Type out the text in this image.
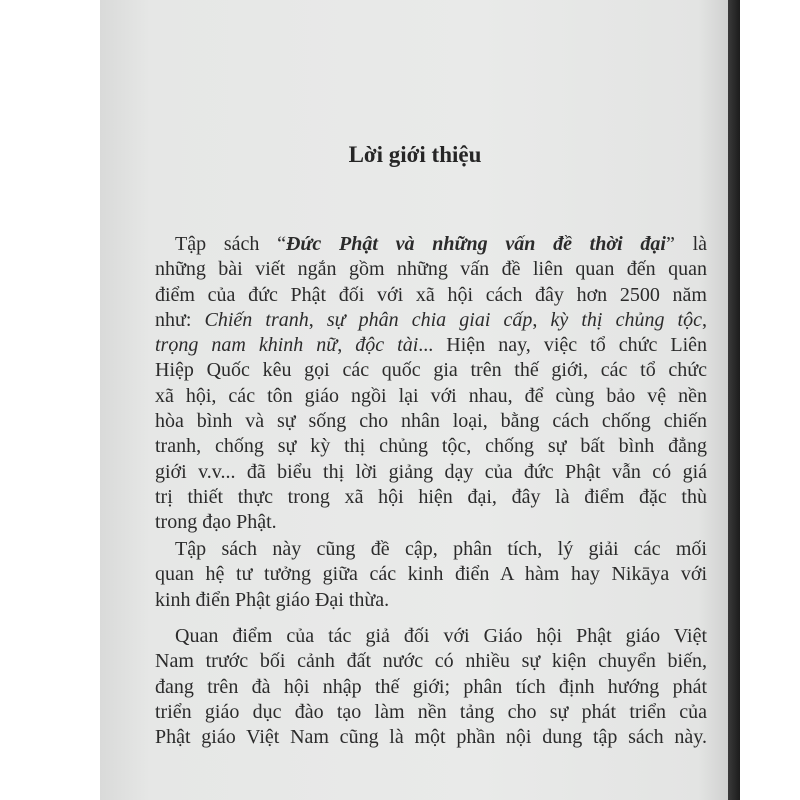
Lời giới thiệu
Tập sách “Đức Phật và những vấn đề thời đại” là
những bài viết ngắn gồm những vấn đề liên quan đến quan
điểm của đức Phật đối với xã hội cách đây hơn 2500 năm
như: Chiến tranh, sự phân chia giai cấp, kỳ thị chủng tộc,
trọng nam khinh nữ, độc tài... Hiện nay, việc tổ chức Liên
Hiệp Quốc kêu gọi các quốc gia trên thế giới, các tổ chức
xã hội, các tôn giáo ngồi lại với nhau, để cùng bảo vệ nền
hòa bình và sự sống cho nhân loại, bằng cách chống chiến
tranh, chống sự kỳ thị chủng tộc, chống sự bất bình đẳng
giới v.v... đã biểu thị lời giảng dạy của đức Phật vẫn có giá
trị thiết thực trong xã hội hiện đại, đây là điểm đặc thù
trong đạo Phật.
Tập sách này cũng đề cập, phân tích, lý giải các mối
quan hệ tư tưởng giữa các kinh điển A hàm hay Nikāya với
kinh điển Phật giáo Đại thừa.
Quan điểm của tác giả đối với Giáo hội Phật giáo Việt
Nam trước bối cảnh đất nước có nhiều sự kiện chuyển biến,
đang trên đà hội nhập thế giới; phân tích định hướng phát
triển giáo dục đào tạo làm nền tảng cho sự phát triển của
Phật giáo Việt Nam cũng là một phần nội dung tập sách này.
